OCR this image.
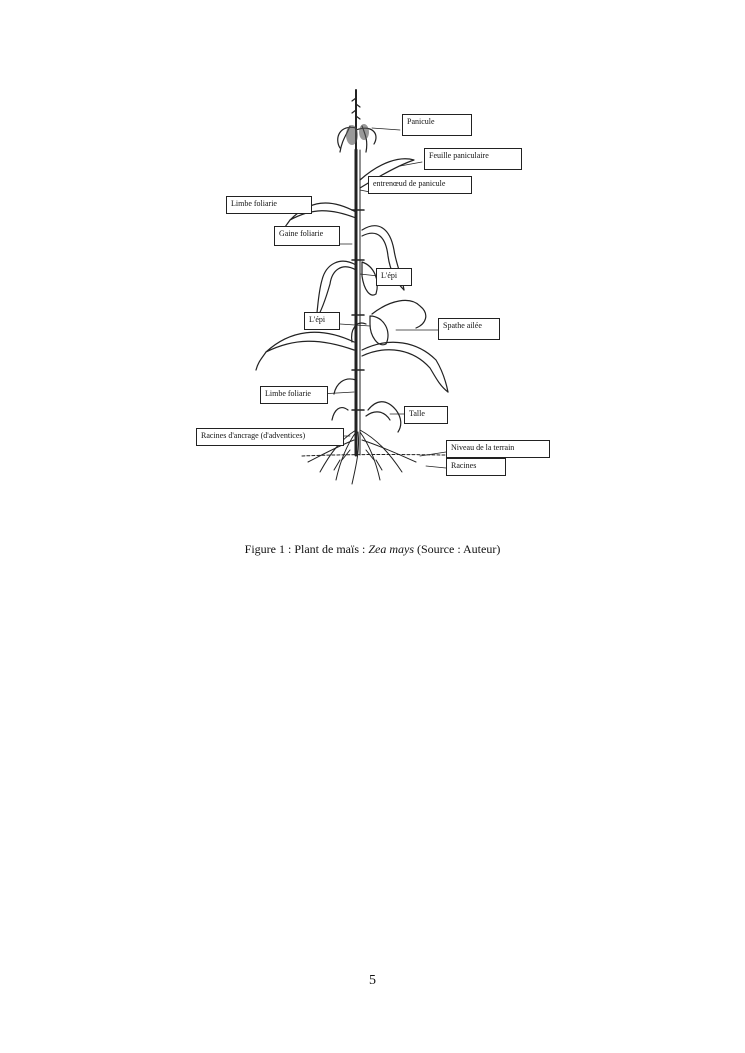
Panicule
Feuille paniculaire
entrenœud de panicule
Limbe foliarie
Gaine foliarie
L'épi
L'épi
Spathe ailée
Limbe foliarie
Talle
Racines d'ancrage (d'adventices)
Niveau de la terrain
Racines
Figure 1 : Plant de maïs : Zea mays (Source : Auteur)
5
